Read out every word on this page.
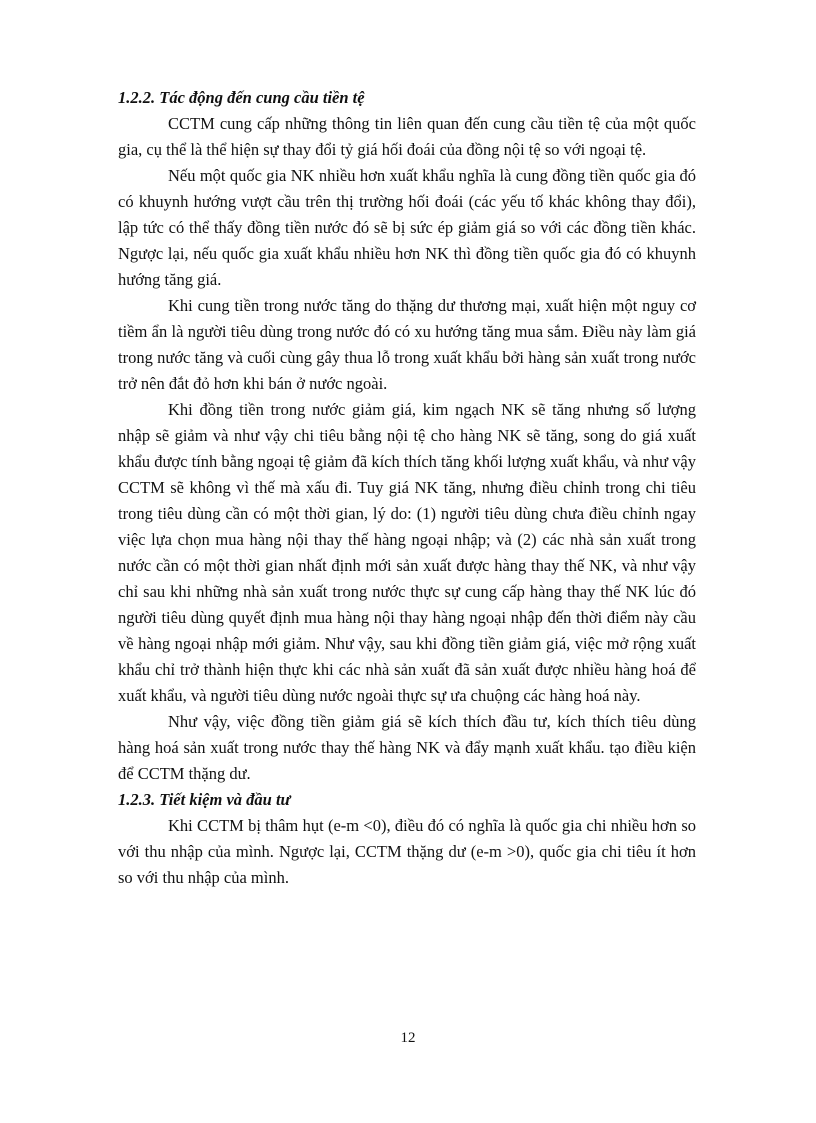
1.2.2. Tác động đến cung cầu tiền tệ

CCTM cung cấp những thông tin liên quan đến cung cầu tiền tệ của một quốc gia, cụ thể là thể hiện sự thay đổi tỷ giá hối đoái của đồng nội tệ so với ngoại tệ.

Nếu một quốc gia NK nhiều hơn xuất khẩu nghĩa là cung đồng tiền quốc gia đó có khuynh hướng vượt cầu trên thị trường hối đoái (các yếu tố khác không thay đổi), lập tức có thể thấy đồng tiền nước đó sẽ bị sức ép giảm giá so với các đồng tiền khác. Ngược lại, nếu quốc gia xuất khẩu nhiều hơn NK thì đồng tiền quốc gia đó có khuynh hướng tăng giá.

Khi cung tiền trong nước tăng do thặng dư thương mại, xuất hiện một nguy cơ tiềm ẩn là người tiêu dùng trong nước đó có xu hướng tăng mua sắm. Điều này làm giá trong nước tăng và cuối cùng gây thua lỗ trong xuất khẩu bởi hàng sản xuất trong nước trở nên đắt đỏ hơn khi bán ở nước ngoài.

Khi đồng tiền trong nước giảm giá, kim ngạch NK sẽ tăng nhưng số lượng nhập sẽ giảm và như vậy chi tiêu bằng nội tệ cho hàng NK sẽ tăng, song do giá xuất khẩu được tính bằng ngoại tệ giảm đã kích thích tăng khối lượng xuất khẩu, và như vậy CCTM sẽ không vì thế mà xấu đi. Tuy giá NK tăng, nhưng điều chỉnh trong chi tiêu trong tiêu dùng cần có một thời gian, lý do: (1) người tiêu dùng chưa điều chỉnh ngay việc lựa chọn mua hàng nội thay thế hàng ngoại nhập; và (2) các nhà sản xuất trong nước cần có một thời gian nhất định mới sản xuất được hàng thay thế NK, và như vậy chỉ sau khi những nhà sản xuất trong nước thực sự cung cấp hàng thay thế NK lúc đó người tiêu dùng quyết định mua hàng nội thay hàng ngoại nhập đến thời điểm này cầu về hàng ngoại nhập mới giảm. Như vậy, sau khi đồng tiền giảm giá, việc mở rộng xuất khẩu chỉ trở thành hiện thực khi các nhà sản xuất đã sản xuất được nhiều hàng hoá để xuất khẩu, và người tiêu dùng nước ngoài thực sự ưa chuộng các hàng hoá này.

Như vậy, việc đồng tiền giảm giá sẽ kích thích đầu tư, kích thích tiêu dùng hàng hoá sản xuất trong nước thay thế hàng NK và đẩy mạnh xuất khẩu. tạo điều kiện để CCTM thặng dư.

1.2.3. Tiết kiệm và đầu tư

Khi CCTM bị thâm hụt (e-m <0), điều đó có nghĩa là quốc gia chi nhiều hơn so với thu nhập của mình. Ngược lại, CCTM thặng dư (e-m >0), quốc gia chi tiêu ít hơn so với thu nhập của mình.

12
